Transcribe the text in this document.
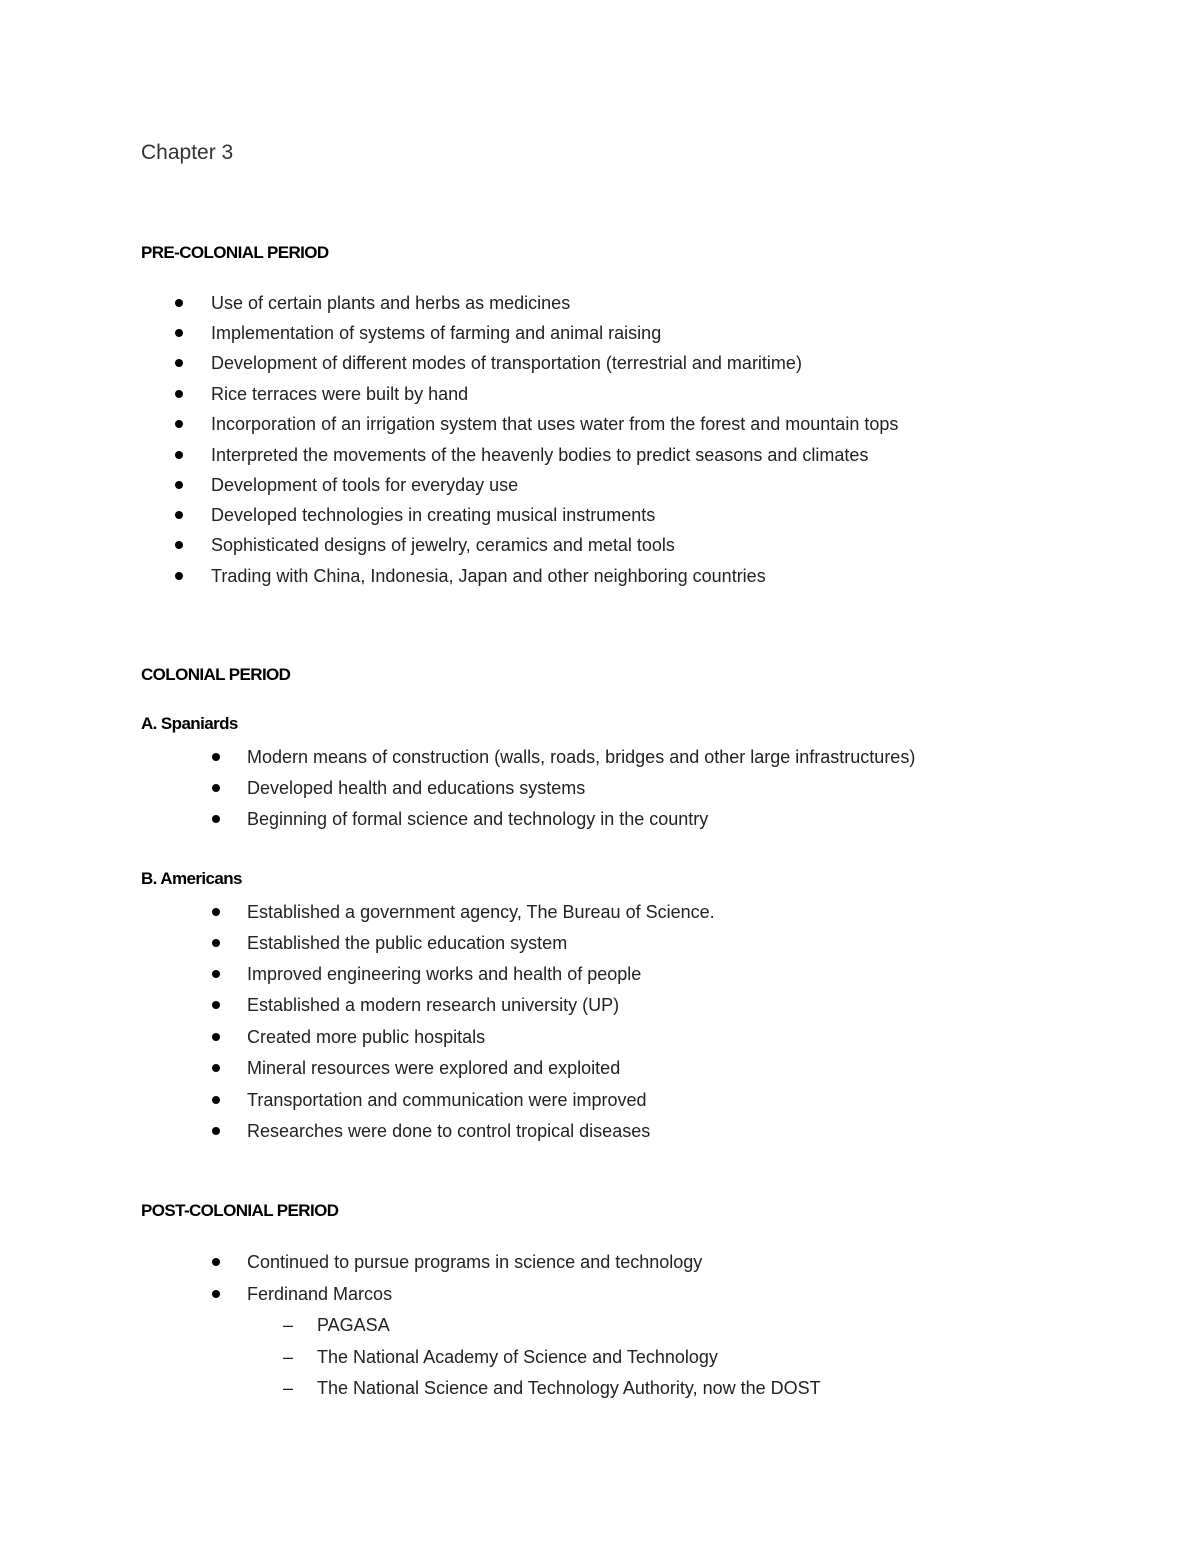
Chapter 3
PRE-COLONIAL PERIOD
Use of certain plants and herbs as medicines
Implementation of systems of farming and animal raising
Development of different modes of transportation (terrestrial and maritime)
Rice terraces were built by hand
Incorporation of an irrigation system that uses water from the forest and mountain tops
Interpreted the movements of the heavenly bodies to predict seasons and climates
Development of tools for everyday use
Developed technologies in creating musical instruments
Sophisticated designs of jewelry, ceramics and metal tools
Trading with China, Indonesia, Japan and other neighboring countries
COLONIAL PERIOD
A. Spaniards
Modern means of construction (walls, roads, bridges and other large infrastructures)
Developed health and educations systems
Beginning of formal science and technology in the country
B. Americans
Established a government agency, The Bureau of Science.
Established the public education system
Improved engineering works and health of people
Established a modern research university (UP)
Created more public hospitals
Mineral resources were explored and exploited
Transportation and communication were improved
Researches were done to control tropical diseases
POST-COLONIAL PERIOD
Continued to pursue programs in science and technology
Ferdinand Marcos
– PAGASA
– The National Academy of Science and Technology
– The National Science and Technology Authority, now the DOST
